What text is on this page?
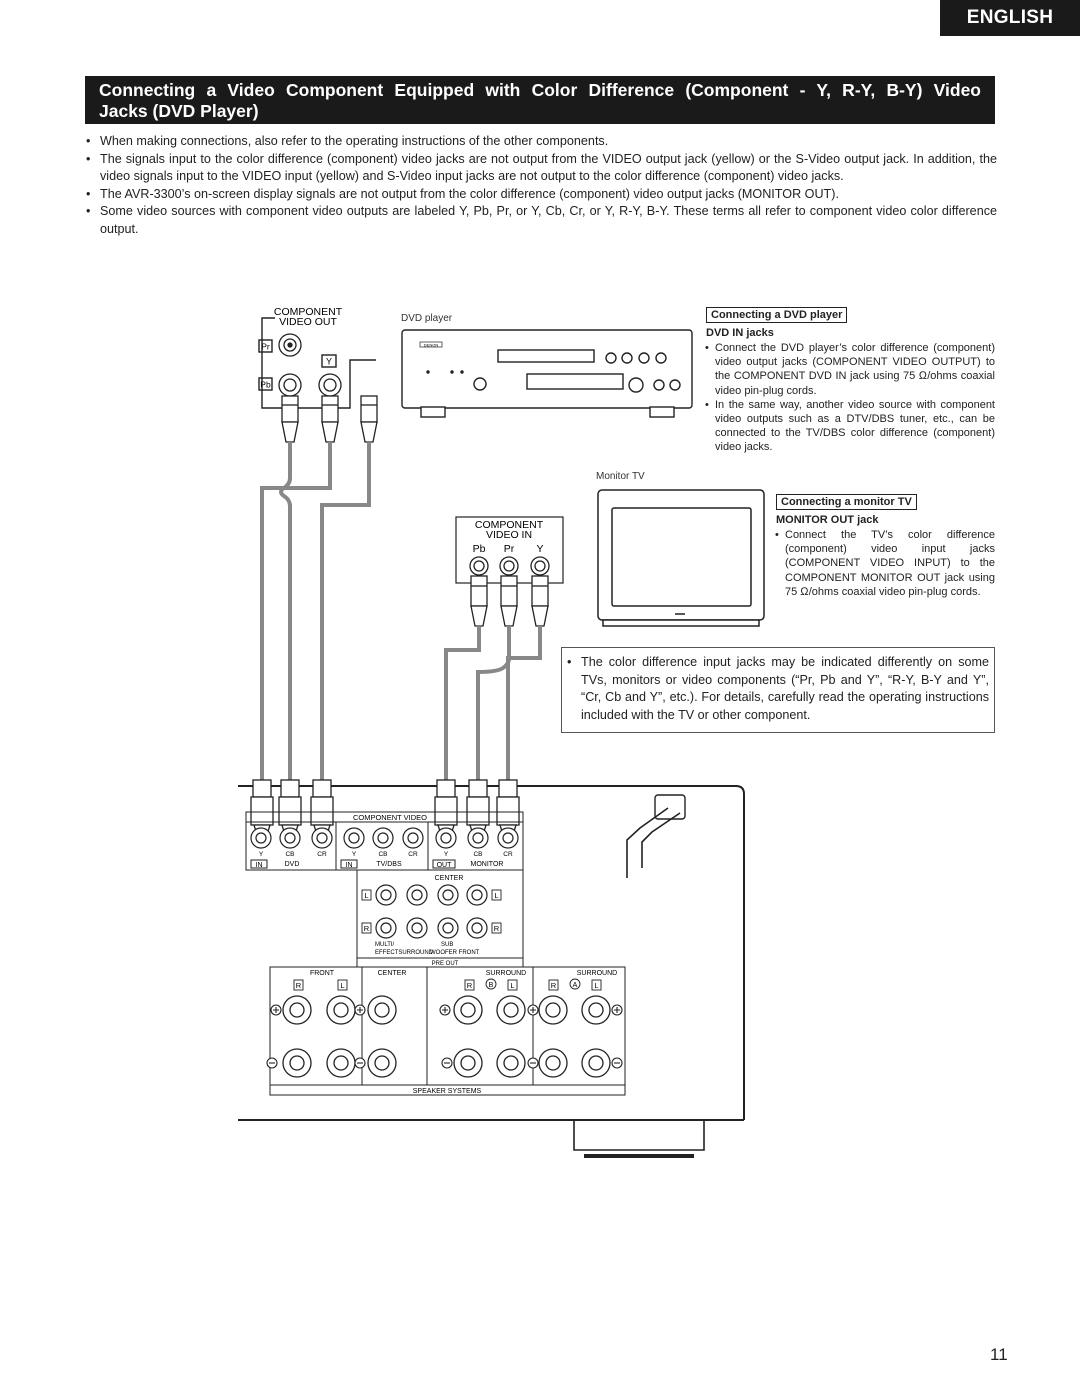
ENGLISH
Connecting a Video Component Equipped with Color Difference (Component - Y, R-Y, B-Y) Video
Jacks (DVD Player)
• When making connections, also refer to the operating instructions of the other components.
• The signals input to the color difference (component) video jacks are not output from the VIDEO output jack (yellow) or the S-Video output jack. In addition, the video signals input to the VIDEO input (yellow) and S-Video input jacks are not output to the color difference (component) video jacks.
• The AVR-3300’s on-screen display signals are not output from the color difference (component) video output jacks (MONITOR OUT).
• Some video sources with component video outputs are labeled Y, Pb, Pr, or Y, Cb, Cr, or Y, R-Y, B-Y. These terms all refer to component video color difference output.
COMPONENT
VIDEO OUT
Pr
Pb
Y
DENON
COMPONENT
VIDEO IN
Pb Pr Y
COMPONENT VIDEO
Y	CB	CR	Y	CB	CR	Y	CB	CR
IN	DVD	IN	TV/DBS	OUT	MONITOR
CENTER
L	L
R	R
MULTI/
EFFECTSURROUND
SUB
WOOFER FRONT
PRE OUT
FRONT	CENTER	SURROUND	SURROUND
SPEAKER SYSTEMS
R	L	R	L	R	L
B	A
DVD player
Monitor TV
Connecting a DVD player
DVD IN jacks
• Connect the DVD player’s color difference (component) video output jacks (COMPONENT VIDEO OUTPUT) to the COMPONENT DVD IN jack using 75 Ω/ohms coaxial video pin-plug cords.
• In the same way, another video source with component video outputs such as a DTV/DBS tuner, etc., can be connected to the TV/DBS color difference (component) video jacks.
Connecting a monitor TV
MONITOR OUT jack
• Connect the TV’s color difference (component) video input jacks (COMPONENT VIDEO INPUT) to the COMPONENT MONITOR OUT jack using 75 Ω/ohms coaxial video pin-plug cords.
• The color difference input jacks may be indicated differently on some TVs, monitors or video components (“Pr, Pb and Y”, “R-Y, B-Y and Y”, “Cr, Cb and Y”, etc.). For details, carefully read the operating instructions included with the TV or other component.
11
